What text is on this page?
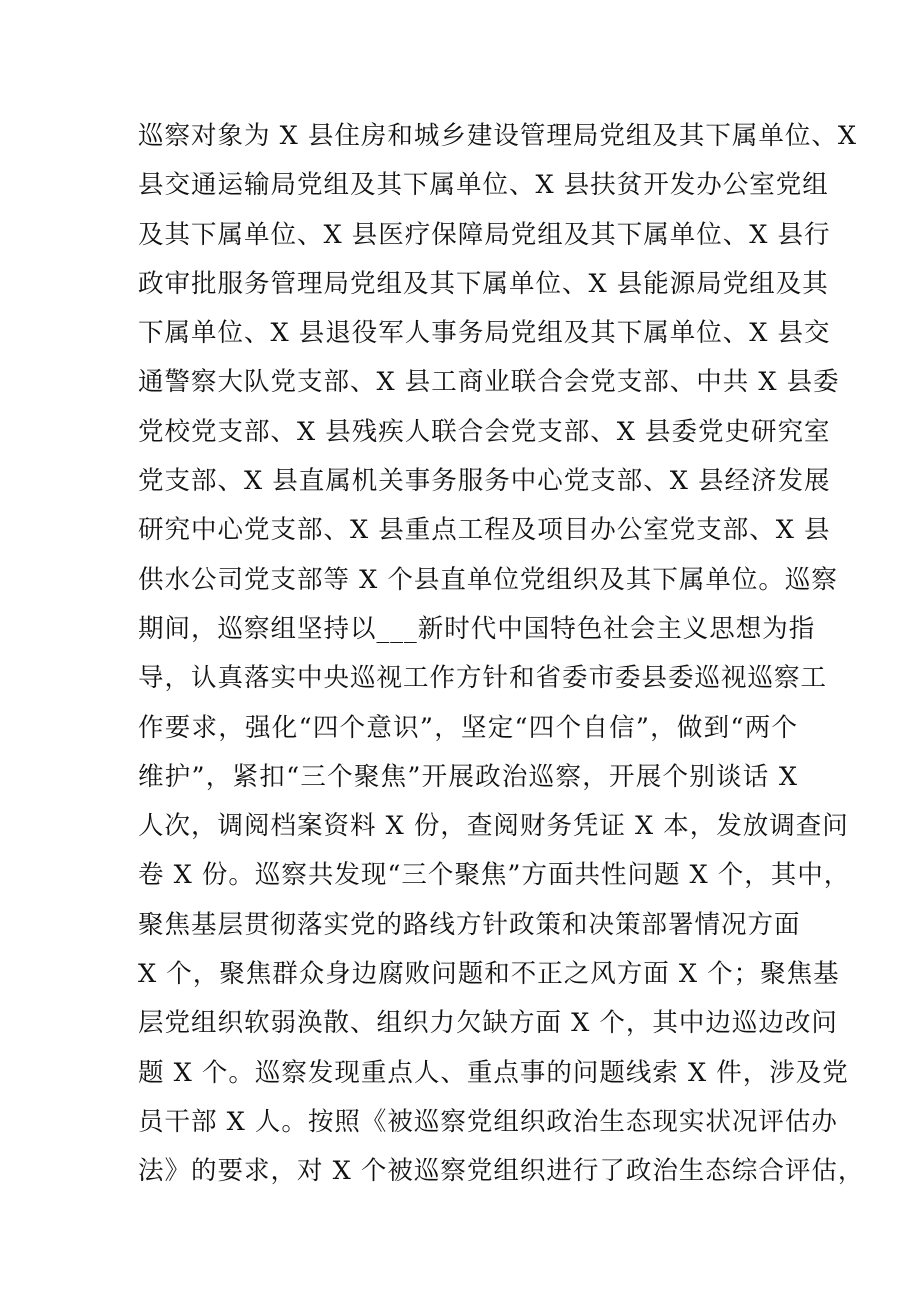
巡察对象为 X 县住房和城乡建设管理局党组及其下属单位、X
县交通运输局党组及其下属单位、X 县扶贫开发办公室党组
及其下属单位、X 县医疗保障局党组及其下属单位、X 县行
政审批服务管理局党组及其下属单位、X 县能源局党组及其
下属单位、X 县退役军人事务局党组及其下属单位、X 县交
通警察大队党支部、X 县工商业联合会党支部、中共 X 县委
党校党支部、X 县残疾人联合会党支部、X 县委党史研究室
党支部、X 县直属机关事务服务中心党支部、X 县经济发展
研究中心党支部、X 县重点工程及项目办公室党支部、X 县
供水公司党支部等 X 个县直单位党组织及其下属单位。巡察
期间，巡察组坚持以___新时代中国特色社会主义思想为指
导，认真落实中央巡视工作方针和省委市委县委巡视巡察工
作要求，强化“四个意识”，坚定“四个自信”，做到“两个
维护”，紧扣“三个聚焦”开展政治巡察，开展个别谈话 X
人次，调阅档案资料 X 份，查阅财务凭证 X 本，发放调查问
卷 X 份。巡察共发现“三个聚焦”方面共性问题 X 个，其中，
聚焦基层贯彻落实党的路线方针政策和决策部署情况方面
X 个，聚焦群众身边腐败问题和不正之风方面 X 个；聚焦基
层党组织软弱涣散、组织力欠缺方面 X 个，其中边巡边改问
题 X 个。巡察发现重点人、重点事的问题线索 X 件，涉及党
员干部 X 人。按照《被巡察党组织政治生态现实状况评估办
法》的要求，对 X 个被巡察党组织进行了政治生态综合评估，
